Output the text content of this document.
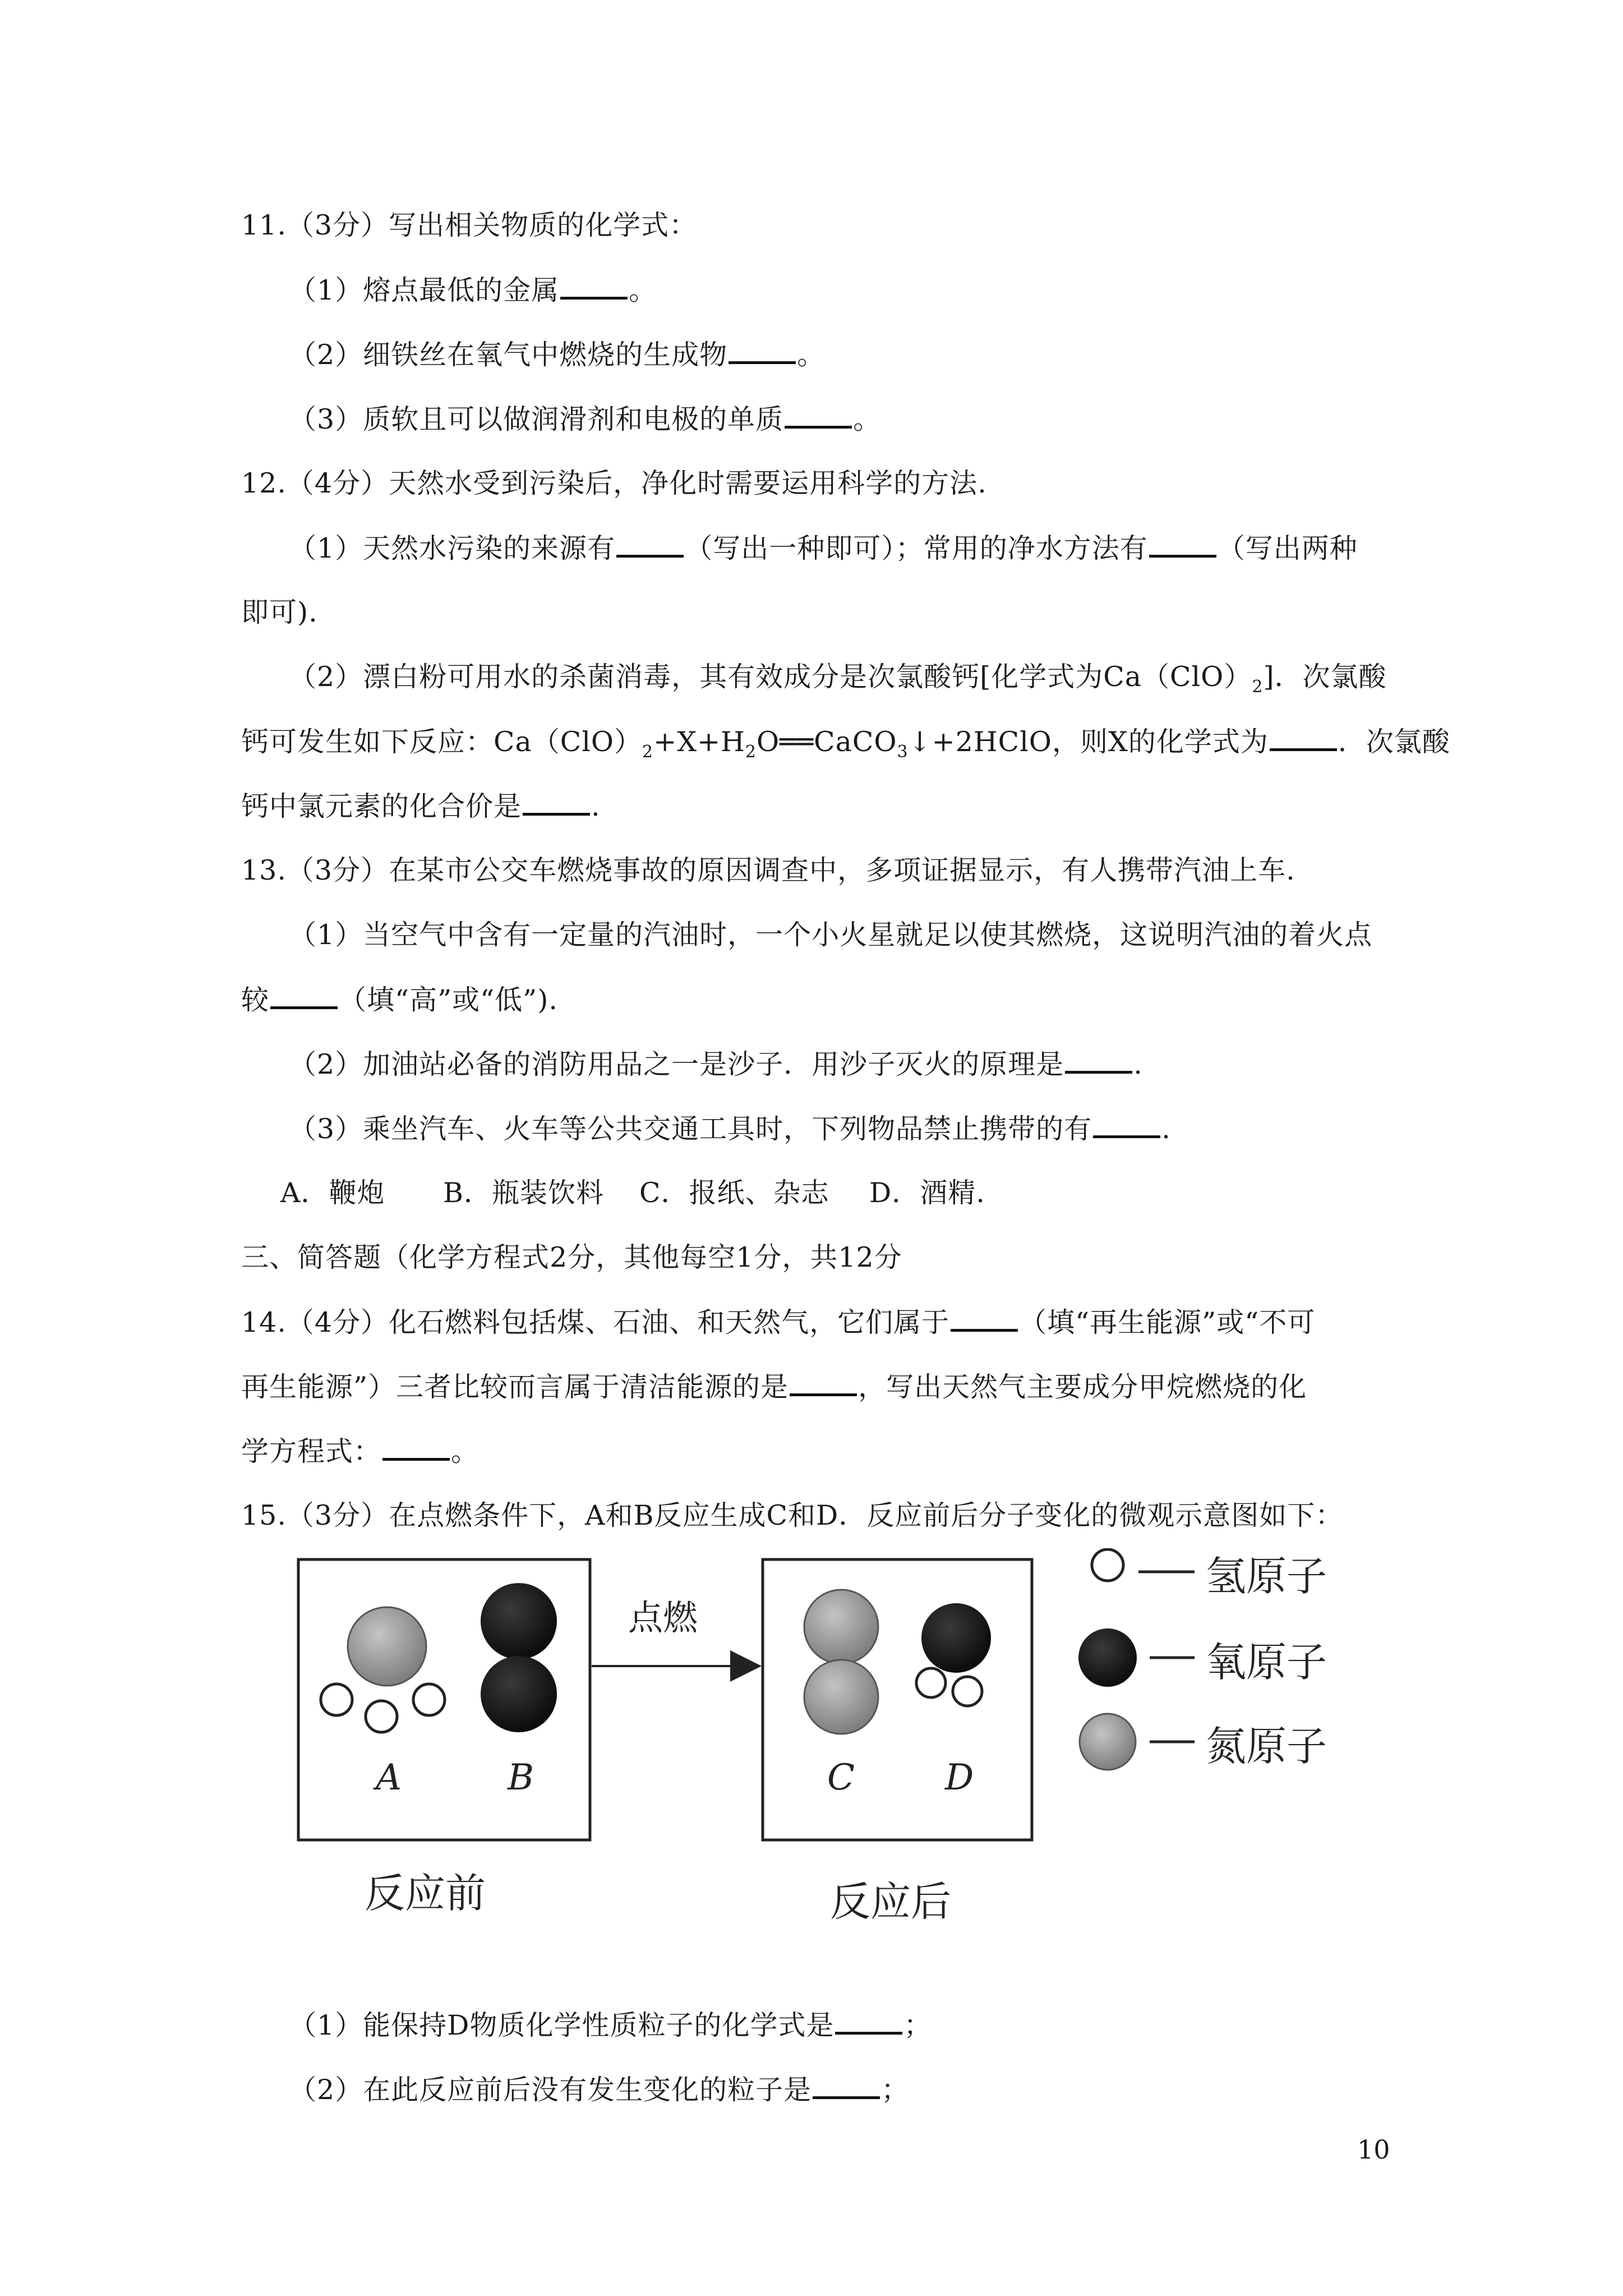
11.（3分）写出相关物质的化学式：
（1）熔点最低的金属	。
（2）细铁丝在氧气中燃烧的生成物	。
（3）质软且可以做润滑剂和电极的单质	。
12.（4分）天然水受到污染后，净化时需要运用科学的方法.
（1）天然水污染的来源有	（写出一种即可）；常用的净水方法有	（写出两种
即可).
（2）漂白粉可用水的杀菌消毒，其有效成分是次氯酸钙[化学式为$Ca(ClO)_2$]．次氯酸
钙可发生如下反应：$Ca(ClO)_2+X+H_2O══CaCO_3↓+2HClO$，则X的化学式为	．次氯酸
钙中氯元素的化合价是	.
13.（3分）在某市公交车燃烧事故的原因调查中，多项证据显示，有人携带汽油上车.
（1）当空气中含有一定量的汽油时，一个小火星就足以使其燃烧，这说明汽油的着火点
较	（填“高”或“低”).
（2）加油站必备的消防用品之一是沙子．用沙子灭火的原理是	.
（3）乘坐汽车、火车等公共交通工具时，下列物品禁止携带的有	.
A．鞭炮 B．瓶装饮料 C．报纸、杂志 D．酒精.
三、简答题（化学方程式2分，其他每空1分，共12分
14.（4分）化石燃料包括煤、石油、和天然气，它们属于	（填“再生能源”或“不可
再生能源”）三者比较而言属于清洁能源的是	，写出天然气主要成分甲烷燃烧的化
学方程式：	。
15.（3分）在点燃条件下，A和B反应生成C和D．反应前后分子变化的微观示意图如下：
A	B
反应前
点燃
C	D
反应后
氢原子
氧原子
氮原子
（1）能保持D物质化学性质粒子的化学式是	；
（2）在此反应前后没有发生变化的粒子是	；
10
